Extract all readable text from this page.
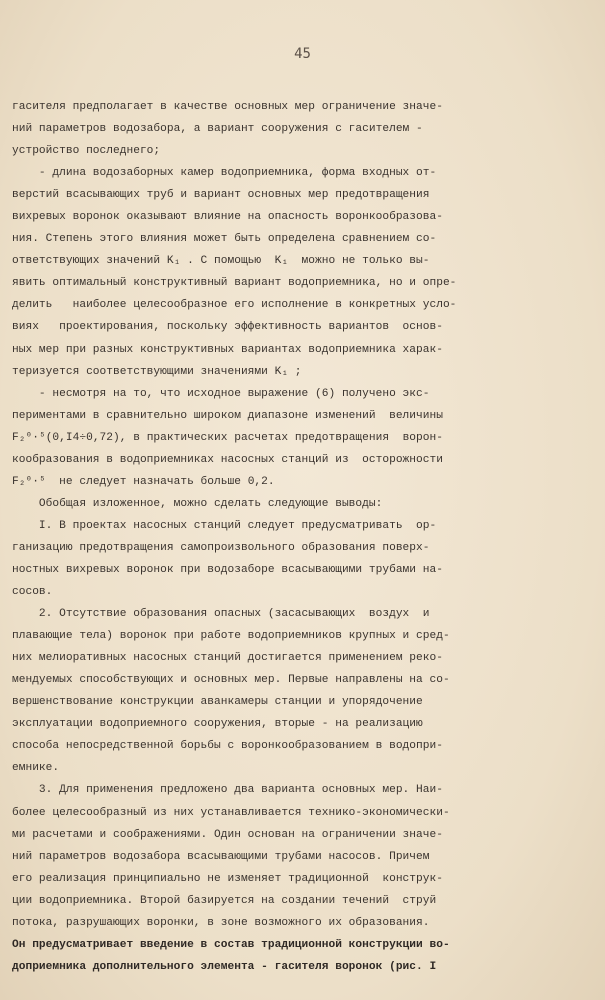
45
гасителя предполагает в качестве основных мер ограничение значе-
ний параметров водозабора, а вариант сооружения с гасителем -
устройство последнего;
- длина водозаборных камер водоприемника, форма входных от-
верстий всасывающих труб и вариант основных мер предотвращения
вихревых воронок оказывают влияние на опасность воронкообразова-
ния. Степень этого влияния может быть определена сравнением со-
ответствующих значений K₁ . С помощью  K₁  можно не только вы-
явить оптимальный конструктивный вариант водоприемника, но и опре-
делить   наиболее целесообразное его исполнение в конкретных усло-
виях   проектирования, поскольку эффективность вариантов  основ-
ных мер при разных конструктивных вариантах водоприемника харак-
теризуется соответствующими значениями K₁ ;
- несмотря на то, что исходное выражение (6) получено экс-
периментами в сравнительно широком диапазоне изменений  величины
F₂⁰·⁵(0,I4÷0,72), в практических расчетах предотвращения  ворон-
кообразования в водоприемниках насосных станций из  осторожности
F₂⁰·⁵  не следует назначать больше 0,2.
Обобщая изложенное, можно сделать следующие выводы:
I. В проектах насосных станций следует предусматривать  ор-
ганизацию предотвращения самопроизвольного образования поверх-
ностных вихревых воронок при водозаборе всасывающими трубами на-
сосов.
2. Отсутствие образования опасных (засасывающих  воздух  и
плавающие тела) воронок при работе водоприемников крупных и сред-
них мелиоративных насосных станций достигается применением реко-
мендуемых способствующих и основных мер. Первые направлены на со-
вершенствование конструкции аванкамеры станции и упорядочение
эксплуатации водоприемного сооружения, вторые - на реализацию
способа непосредственной борьбы с воронкообразованием в водопри-
емнике.
3. Для применения предложено два варианта основных мер. Наи-
более целесообразный из них устанавливается технико-экономически-
ми расчетами и соображениями. Один основан на ограничении значе-
ний параметров водозабора всасывающими трубами насосов. Причем
его реализация принципиально не изменяет традиционной  конструк-
ции водоприемника. Второй базируется на создании течений  струй
потока, разрушающих воронки, в зоне возможного их образования.
Он предусматривает введение в состав традиционной конструкции во-
доприемника дополнительного элемента - гасителя воронок (рис. I
